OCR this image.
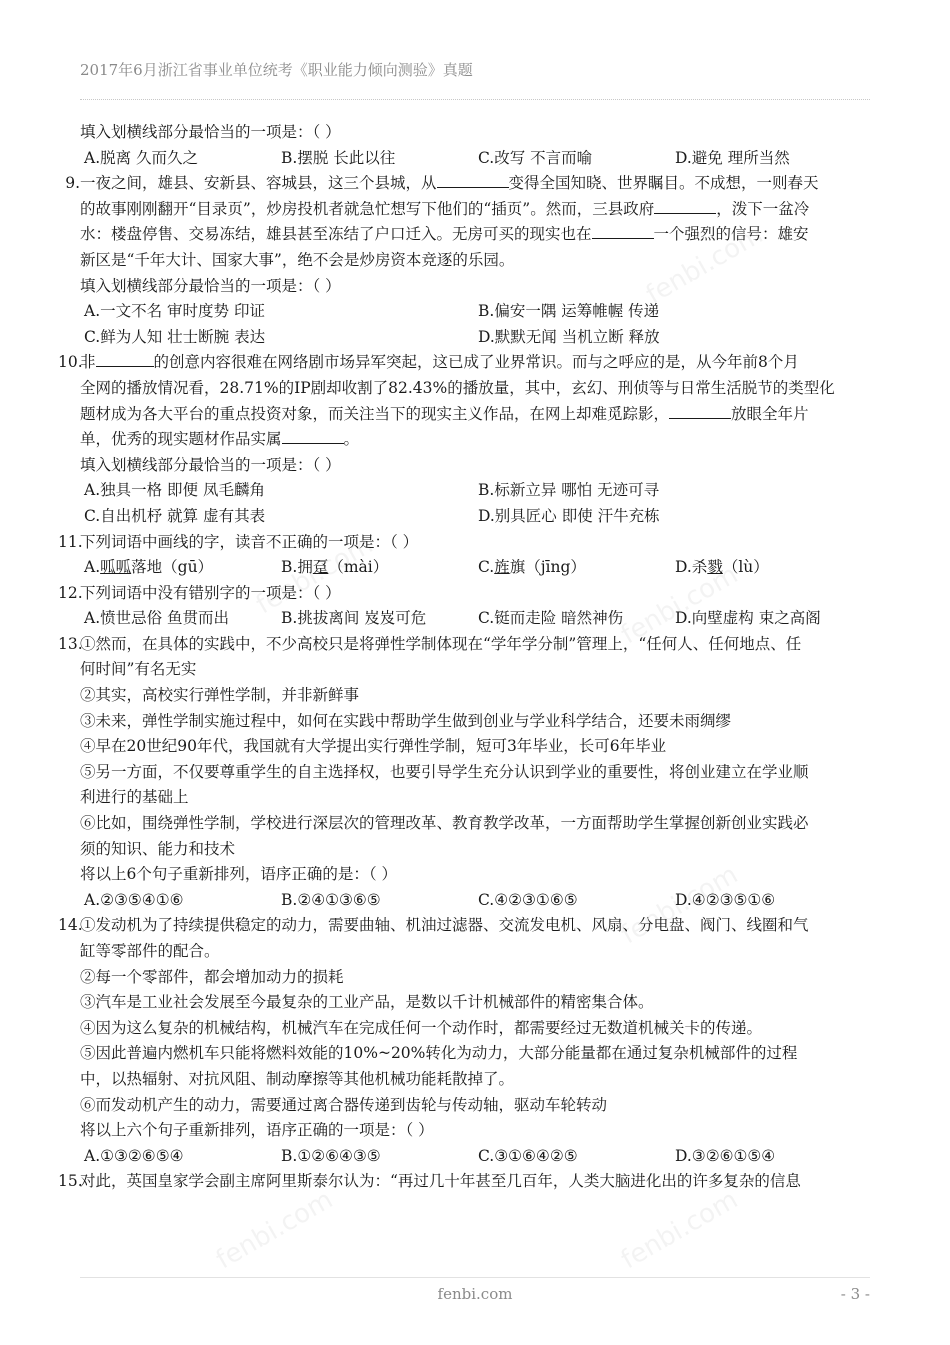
2017年6月浙江省事业单位统考《职业能力倾向测验》真题
填入划横线部分最恰当的一项是：（ ）
A.脱离 久而久之	B.摆脱 长此以往	C.改写 不言而喻	D.避免 理所当然
9.一夜之间，雄县、安新县、容城县，这三个县城，从	变得全国知晓、世界瞩目。不成想，一则春天
的故事刚刚翻开“目录页”，炒房投机者就急忙想写下他们的“插页”。然而，三县政府	，泼下一盆冷
水：楼盘停售、交易冻结，雄县甚至冻结了户口迁入。无房可买的现实也在	一个强烈的信号：雄安
新区是“千年大计、国家大事”，绝不会是炒房资本竞逐的乐园。
填入划横线部分最恰当的一项是：（ ）
A.一文不名 审时度势 印证	B.偏安一隅 运筹帷幄 传递
C.鲜为人知 壮士断腕 表达	D.默默无闻 当机立断 释放
10.非	的创意内容很难在网络剧市场异军突起，这已成了业界常识。而与之呼应的是，从今年前8个月
全网的播放情况看，28.71%的IP剧却收割了82.43%的播放量，其中，玄幻、刑侦等与日常生活脱节的类型化
题材成为各大平台的重点投资对象，而关注当下的现实主义作品，在网上却难觅踪影，	放眼全年片
单，优秀的现实题材作品实属	。
填入划横线部分最恰当的一项是：（ ）
A.独具一格 即便 凤毛麟角	B.标新立异 哪怕 无迹可寻
C.自出机杼 就算 虚有其表	D.别具匠心 即使 汗牛充栋
11.下列词语中画线的字，读音不正确的一项是：（ ）
A.呱呱落地（gū）	B.拥趸（mài）	C.旌旗（jīng）	D.杀戮（lù）
12.下列词语中没有错别字的一项是：（ ）
A.愤世忌俗 鱼贯而出	B.挑拔离间 岌岌可危	C.铤而走险 暗然神伤	D.向壁虚构 束之高阁
13.①然而，在具体的实践中，不少高校只是将弹性学制体现在“学年学分制”管理上，“任何人、任何地点、任
何时间”有名无实
②其实，高校实行弹性学制，并非新鲜事
③未来，弹性学制实施过程中，如何在实践中帮助学生做到创业与学业科学结合，还要未雨绸缪
④早在20世纪90年代，我国就有大学提出实行弹性学制，短可3年毕业，长可6年毕业
⑤另一方面，不仅要尊重学生的自主选择权，也要引导学生充分认识到学业的重要性，将创业建立在学业顺
利进行的基础上
⑥比如，围绕弹性学制，学校进行深层次的管理改革、教育教学改革，一方面帮助学生掌握创新创业实践必
须的知识、能力和技术
将以上6个句子重新排列，语序正确的是：（ ）
A.②③⑤④①⑥	B.②④①③⑥⑤	C.④②③①⑥⑤	D.④②③⑤①⑥
14.①发动机为了持续提供稳定的动力，需要曲轴、机油过滤器、交流发电机、风扇、分电盘、阀门、线圈和气
缸等零部件的配合。
②每一个零部件，都会增加动力的损耗
③汽车是工业社会发展至今最复杂的工业产品，是数以千计机械部件的精密集合体。
④因为这么复杂的机械结构，机械汽车在完成任何一个动作时，都需要经过无数道机械关卡的传递。
⑤因此普遍内燃机车只能将燃料效能的10%~20%转化为动力，大部分能量都在通过复杂机械部件的过程
中，以热辐射、对抗风阻、制动摩擦等其他机械功能耗散掉了。
⑥而发动机产生的动力，需要通过离合器传递到齿轮与传动轴，驱动车轮转动
将以上六个句子重新排列，语序正确的一项是：（ ）
A.①③②⑥⑤④	B.①②⑥④③⑤	C.③①⑥④②⑤	D.③②⑥①⑤④
15.对此，英国皇家学会副主席阿里斯泰尔认为：“再过几十年甚至几百年，人类大脑进化出的许多复杂的信息
fenbi.com	- 3 -
